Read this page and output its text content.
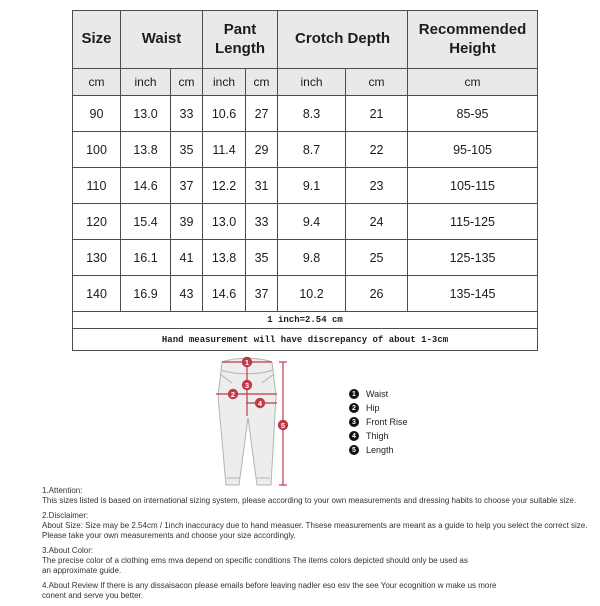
Size	Waist		Pant Length		Crotch Depth		Recommended Height
cm	inch	cm	inch	cm	inch	cm	cm
90	13.0	33	10.6	27	8.3	21	85-95
100	13.8	35	11.4	29	8.7	22	95-105
110	14.6	37	12.2	31	9.1	23	105-115
120	15.4	39	13.0	33	9.4	24	115-125
130	16.1	41	13.8	35	9.8	25	125-135
140	16.9	43	14.6	37	10.2	26	135-145
1 inch=2.54 cm							
Hand measurement will have discrepancy of about 1-3cm							
1
3
2
4
5
1	Waist
2	Hip
3	Front Rise
4	Thigh
5	Length
1.Attention:
This sizes listed is based on international sizing system, please according to your own measurements and dressing habits to choose your suitable size.
2.Disclaimer:
About Size: Size may be 2.54cm / 1inch inaccuracy due to hand measuer. Thsese measurements are meant as a guide to help you select the correct size.
Please take your own measurements and choose your size accordingly.
3.About Color:
The precise color of a clothing ems mva depend on specific conditions The items colors depicted should only be used as
an approximate guide.
4.About Review If there is any dissaisacon please emails before leaving nadler eso esv the see Your ecognition w make us more
conent and serve you better.
